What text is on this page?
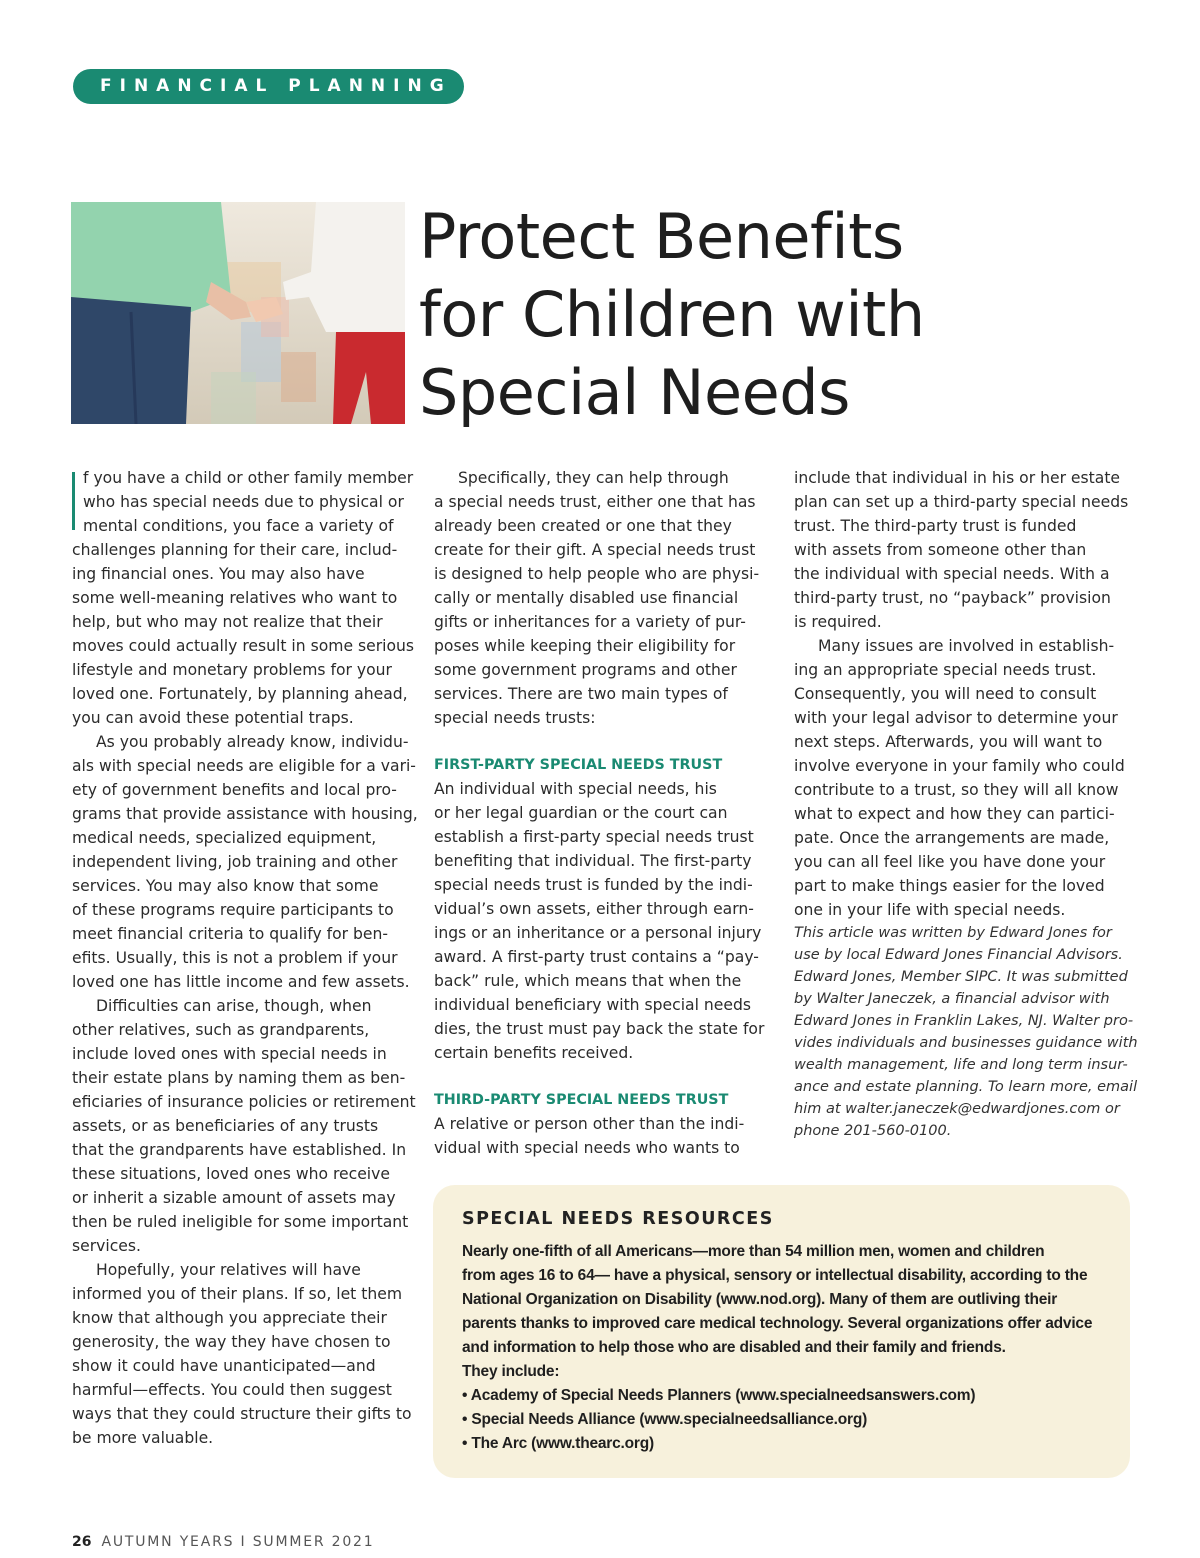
FINANCIAL PLANNING
Protect Benefits
for Children with
Special Needs

f you have a child or other family member
who has special needs due to physical or
mental conditions, you face a variety of
challenges planning for their care, includ-
ing financial ones. You may also have
some well-meaning relatives who want to
help, but who may not realize that their
moves could actually result in some serious
lifestyle and monetary problems for your
loved one. Fortunately, by planning ahead,
you can avoid these potential traps.

As you probably already know, individu-
als with special needs are eligible for a vari-
ety of government benefits and local pro-
grams that provide assistance with housing,
medical needs, specialized equipment,
independent living, job training and other
services. You may also know that some
of these programs require participants to
meet financial criteria to qualify for ben-
efits. Usually, this is not a problem if your
loved one has little income and few assets.

Difficulties can arise, though, when
other relatives, such as grandparents,
include loved ones with special needs in
their estate plans by naming them as ben-
eficiaries of insurance policies or retirement
assets, or as beneficiaries of any trusts
that the grandparents have established. In
these situations, loved ones who receive
or inherit a sizable amount of assets may
then be ruled ineligible for some important
services.

Hopefully, your relatives will have
informed you of their plans. If so, let them
know that although you appreciate their
generosity, the way they have chosen to
show it could have unanticipated—and
harmful—effects. You could then suggest
ways that they could structure their gifts to
be more valuable.

Specifically, they can help through
a special needs trust, either one that has
already been created or one that they
create for their gift. A special needs trust
is designed to help people who are physi-
cally or mentally disabled use financial
gifts or inheritances for a variety of pur-
poses while keeping their eligibility for
some government programs and other
services. There are two main types of
special needs trusts:

FIRST-PARTY SPECIAL NEEDS TRUST

An individual with special needs, his
or her legal guardian or the court can
establish a first-party special needs trust
benefiting that individual. The first-party
special needs trust is funded by the indi-
vidual’s own assets, either through earn-
ings or an inheritance or a personal injury
award. A first-party trust contains a “pay-
back” rule, which means that when the
individual beneficiary with special needs
dies, the trust must pay back the state for
certain benefits received.

THIRD-PARTY SPECIAL NEEDS TRUST

A relative or person other than the indi-
vidual with special needs who wants to

include that individual in his or her estate
plan can set up a third-party special needs
trust. The third-party trust is funded
with assets from someone other than
the individual with special needs. With a
third-party trust, no “payback” provision
is required.

Many issues are involved in establish-
ing an appropriate special needs trust.
Consequently, you will need to consult
with your legal advisor to determine your
next steps. Afterwards, you will want to
involve everyone in your family who could
contribute to a trust, so they will all know
what to expect and how they can partici-
pate. Once the arrangements are made,
you can all feel like you have done your
part to make things easier for the loved
one in your life with special needs.

This article was written by Edward Jones for
use by local Edward Jones Financial Advisors.
Edward Jones, Member SIPC. It was submitted
by Walter Janeczek, a financial advisor with
Edward Jones in Franklin Lakes, NJ. Walter pro-
vides individuals and businesses guidance with
wealth management, life and long term insur-
ance and estate planning. To learn more, email
him at walter.janeczek@edwardjones.com or
phone 201-560-0100.

SPECIAL NEEDS RESOURCES
Nearly one-fifth of all Americans—more than 54 million men, women and children
from ages 16 to 64— have a physical, sensory or intellectual disability, according to the
National Organization on Disability (www.nod.org). Many of them are outliving their
parents thanks to improved care medical technology. Several organizations offer advice
and information to help those who are disabled and their family and friends.
They include:
• Academy of Special Needs Planners (www.specialneedsanswers.com)
• Special Needs Alliance (www.specialneedsalliance.org)
• The Arc (www.thearc.org)
26 AUTUMN YEARS I SUMMER 2021
